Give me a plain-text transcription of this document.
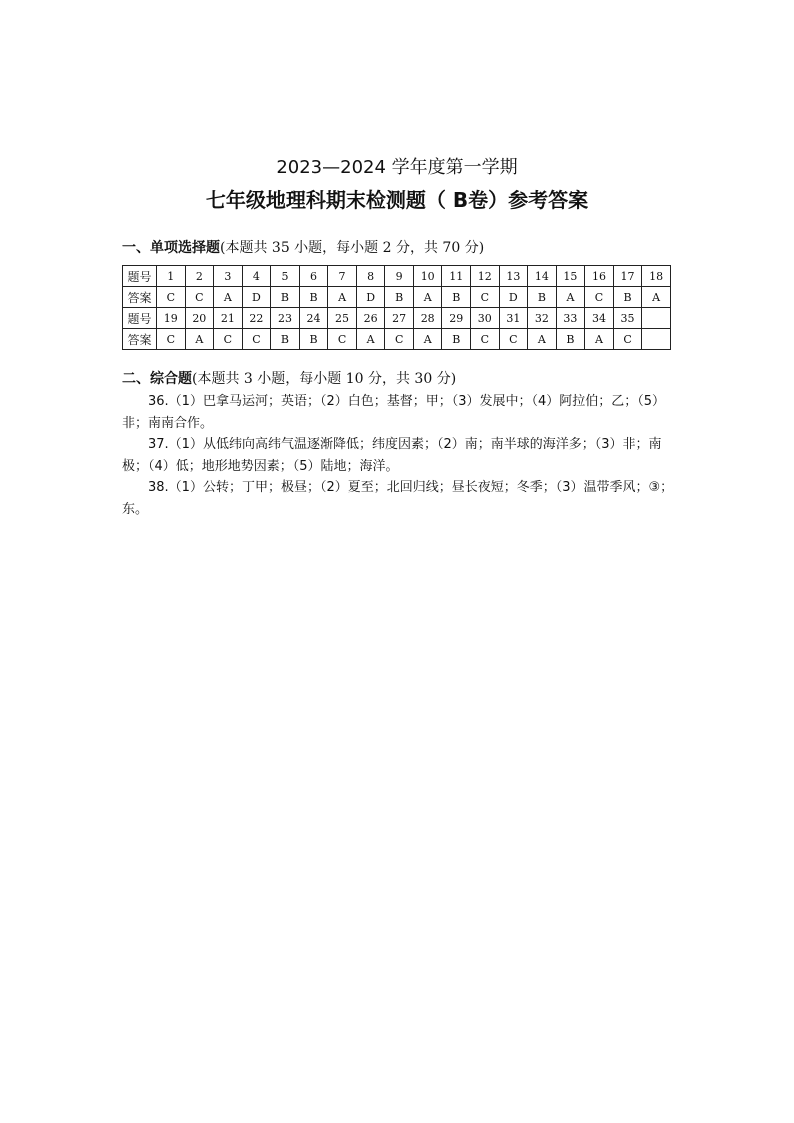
2023—2024 学年度第一学期
七年级地理科期末检测题（ B卷）参考答案
一、单项选择题(本题共 35 小题，每小题 2 分，共 70 分)
题号	1	2	3	4	5	6	7	8	9	10	11	12	13	14	15	16	17	18
答案	C	C	A	D	B	B	A	D	B	A	B	C	D	B	A	C	B	A
题号	19	20	21	22	23	24	25	26	27	28	29	30	31	32	33	34	35	
答案	C	A	C	C	B	B	C	A	C	A	B	C	C	A	B	A	C	
二、综合题(本题共 3 小题，每小题 10 分，共 30 分)
36.（1）巴拿马运河；英语；（2）白色；基督；甲；（3）发展中；（4）阿拉伯；乙；（5）非；南南合作。
37.（1）从低纬向高纬气温逐渐降低；纬度因素；（2）南；南半球的海洋多；（3）非；南极；（4）低；地形地势因素；（5）陆地；海洋。
38.（1）公转；丁甲；极昼；（2）夏至；北回归线；昼长夜短；冬季；（3）温带季风；③；东。
